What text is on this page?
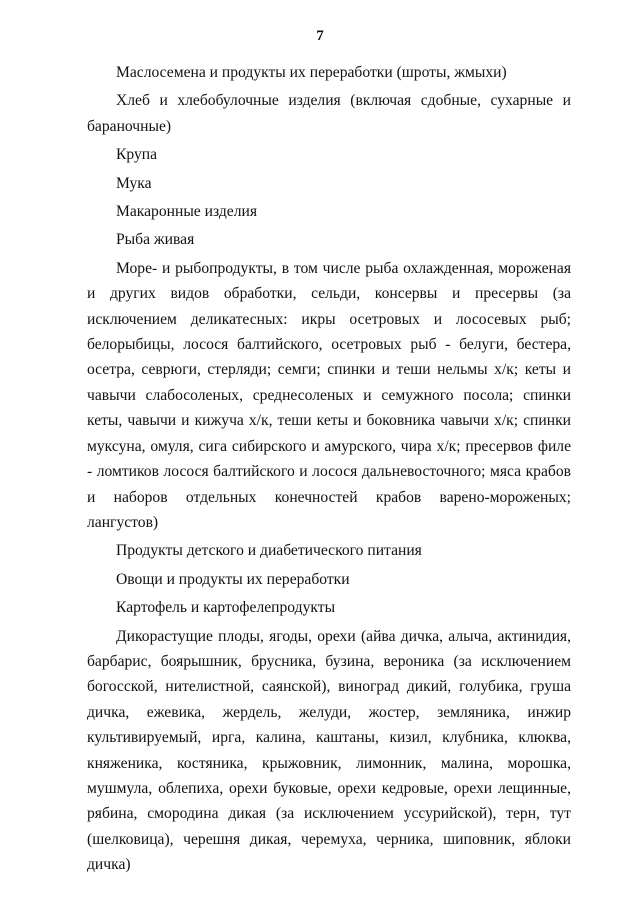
7

Маслосемена и продукты их переработки (шроты, жмыхи)

Хлеб и хлебобулочные изделия (включая сдобные, сухарные и бараночные)

Крупа

Мука

Макаронные изделия

Рыба живая

Море- и рыбопродукты, в том числе рыба охлажденная, мороженая и других видов обработки, сельди, консервы и пресервы (за исключением деликатесных: икры осетровых и лососевых рыб; белорыбицы, лосося балтийского, осетровых рыб - белуги, бестера, осетра, севрюги, стерляди; семги; спинки и теши нельмы х/к; кеты и чавычи слабосоленых, среднесоленых и семужного посола; спинки кеты, чавычи и кижуча х/к, теши кеты и боковника чавычи х/к; спинки муксуна, омуля, сига сибирского и амурского, чира х/к; пресервов филе - ломтиков лосося балтийского и лосося дальневосточного; мяса крабов и наборов отдельных конечностей крабов варено-мороженых; лангустов)

Продукты детского и диабетического питания

Овощи и продукты их переработки

Картофель и картофелепродукты

Дикорастущие плоды, ягоды, орехи (айва дичка, алыча, актинидия, барбарис, боярышник, брусника, бузина, вероника (за исключением богосской, нителистной, саянской), виноград дикий, голубика, груша дичка, ежевика, жердель, желуди, жостер, земляника, инжир культивируемый, ирга, калина, каштаны, кизил, клубника, клюква, княженика, костяника, крыжовник, лимонник, малина, морошка, мушмула, облепиха, орехи буковые, орехи кедровые, орехи лещинные, рябина, смородина дикая (за исключением уссурийской), терн, тут (шелковица), черешня дикая, черемуха, черника, шиповник, яблоки дичка)
